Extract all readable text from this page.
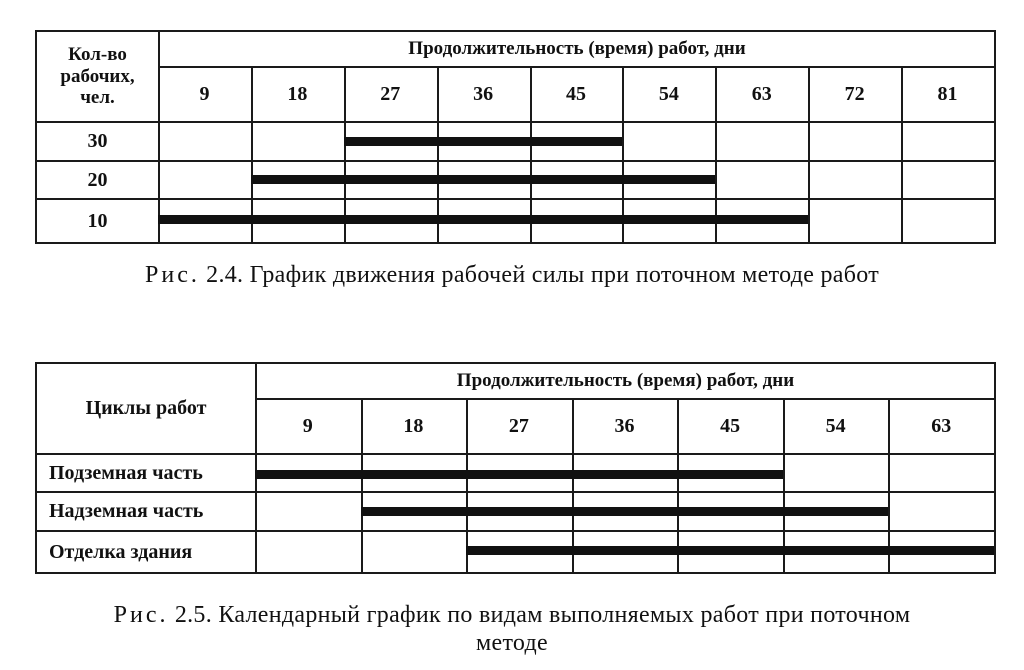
Кол-во
рабочих,
чел.
Продолжительность (время) работ, дни
9	18	27	36	45	54	63	72	81
30
20
10
Рис. 2.4. График движения рабочей силы при поточном методе работ
Циклы работ
Продолжительность (время) работ, дни
9	18	27	36	45	54	63
Подземная часть
Надземная часть
Отделка здания
Рис. 2.5. Календарный график по видам выполняемых работ при поточном
методе
